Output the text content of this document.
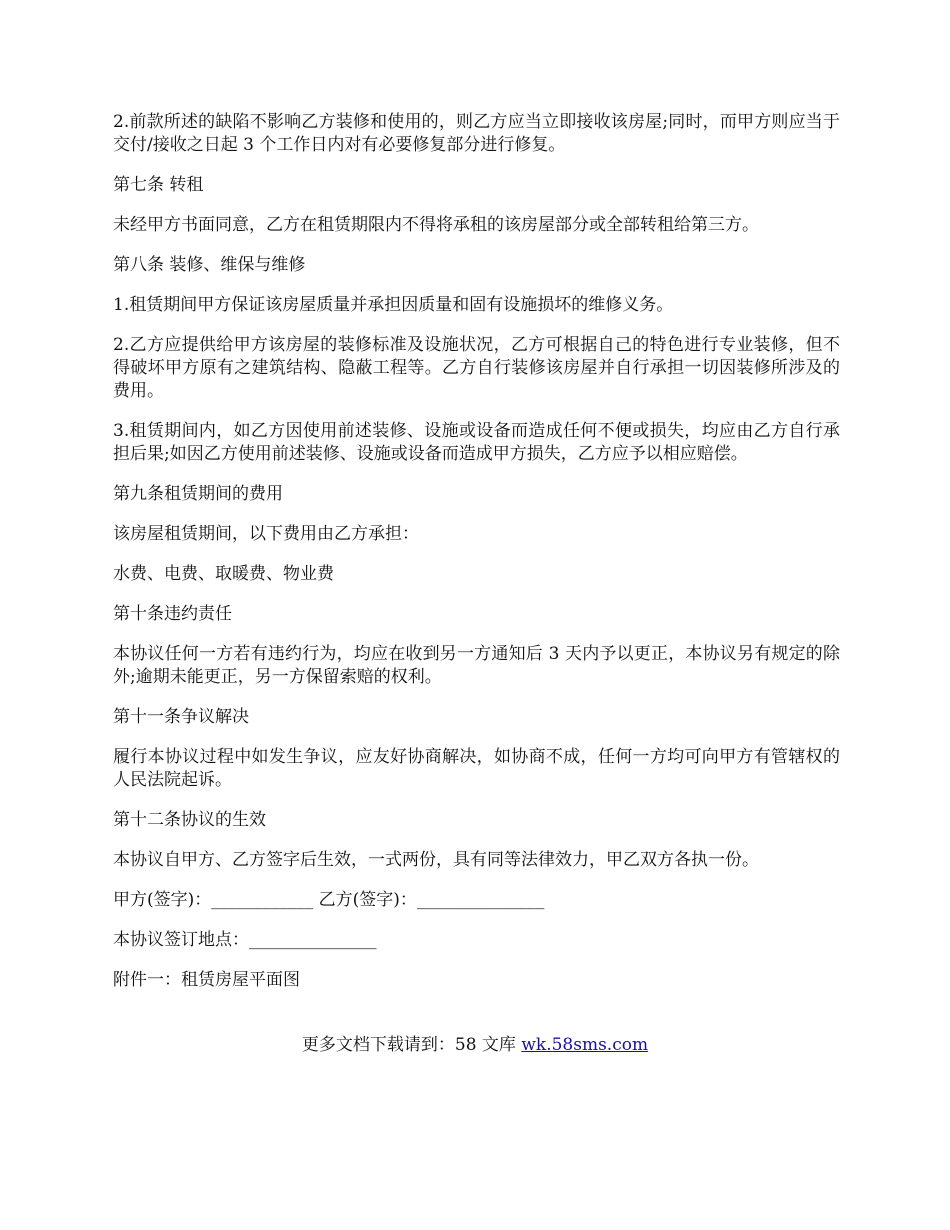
2.前款所述的缺陷不影响乙方装修和使用的，则乙方应当立即接收该房屋;同时，而甲方则应当于交付/接收之日起 3 个工作日内对有必要修复部分进行修复。

第七条 转租

未经甲方书面同意，乙方在租赁期限内不得将承租的该房屋部分或全部转租给第三方。

第八条 装修、维保与维修

1.租赁期间甲方保证该房屋质量并承担因质量和固有设施损坏的维修义务。

2.乙方应提供给甲方该房屋的装修标准及设施状况，乙方可根据自己的特色进行专业装修，但不得破坏甲方原有之建筑结构、隐蔽工程等。乙方自行装修该房屋并自行承担一切因装修所涉及的费用。

3.租赁期间内，如乙方因使用前述装修、设施或设备而造成任何不便或损失，均应由乙方自行承担后果;如因乙方使用前述装修、设施或设备而造成甲方损失，乙方应予以相应赔偿。

第九条租赁期间的费用

该房屋租赁期间，以下费用由乙方承担：

水费、电费、取暖费、物业费

第十条违约责任

本协议任何一方若有违约行为，均应在收到另一方通知后 3 天内予以更正，本协议另有规定的除外;逾期未能更正，另一方保留索赔的权利。

第十一条争议解决

履行本协议过程中如发生争议，应友好协商解决，如协商不成，任何一方均可向甲方有管辖权的人民法院起诉。

第十二条协议的生效

本协议自甲方、乙方签字后生效，一式两份，具有同等法律效力，甲乙双方各执一份。

甲方(签字)：____________ 乙方(签字)：_______________

本协议签订地点：_______________

附件一：租赁房屋平面图

更多文档下载请到：58 文库 wk.58sms.com
